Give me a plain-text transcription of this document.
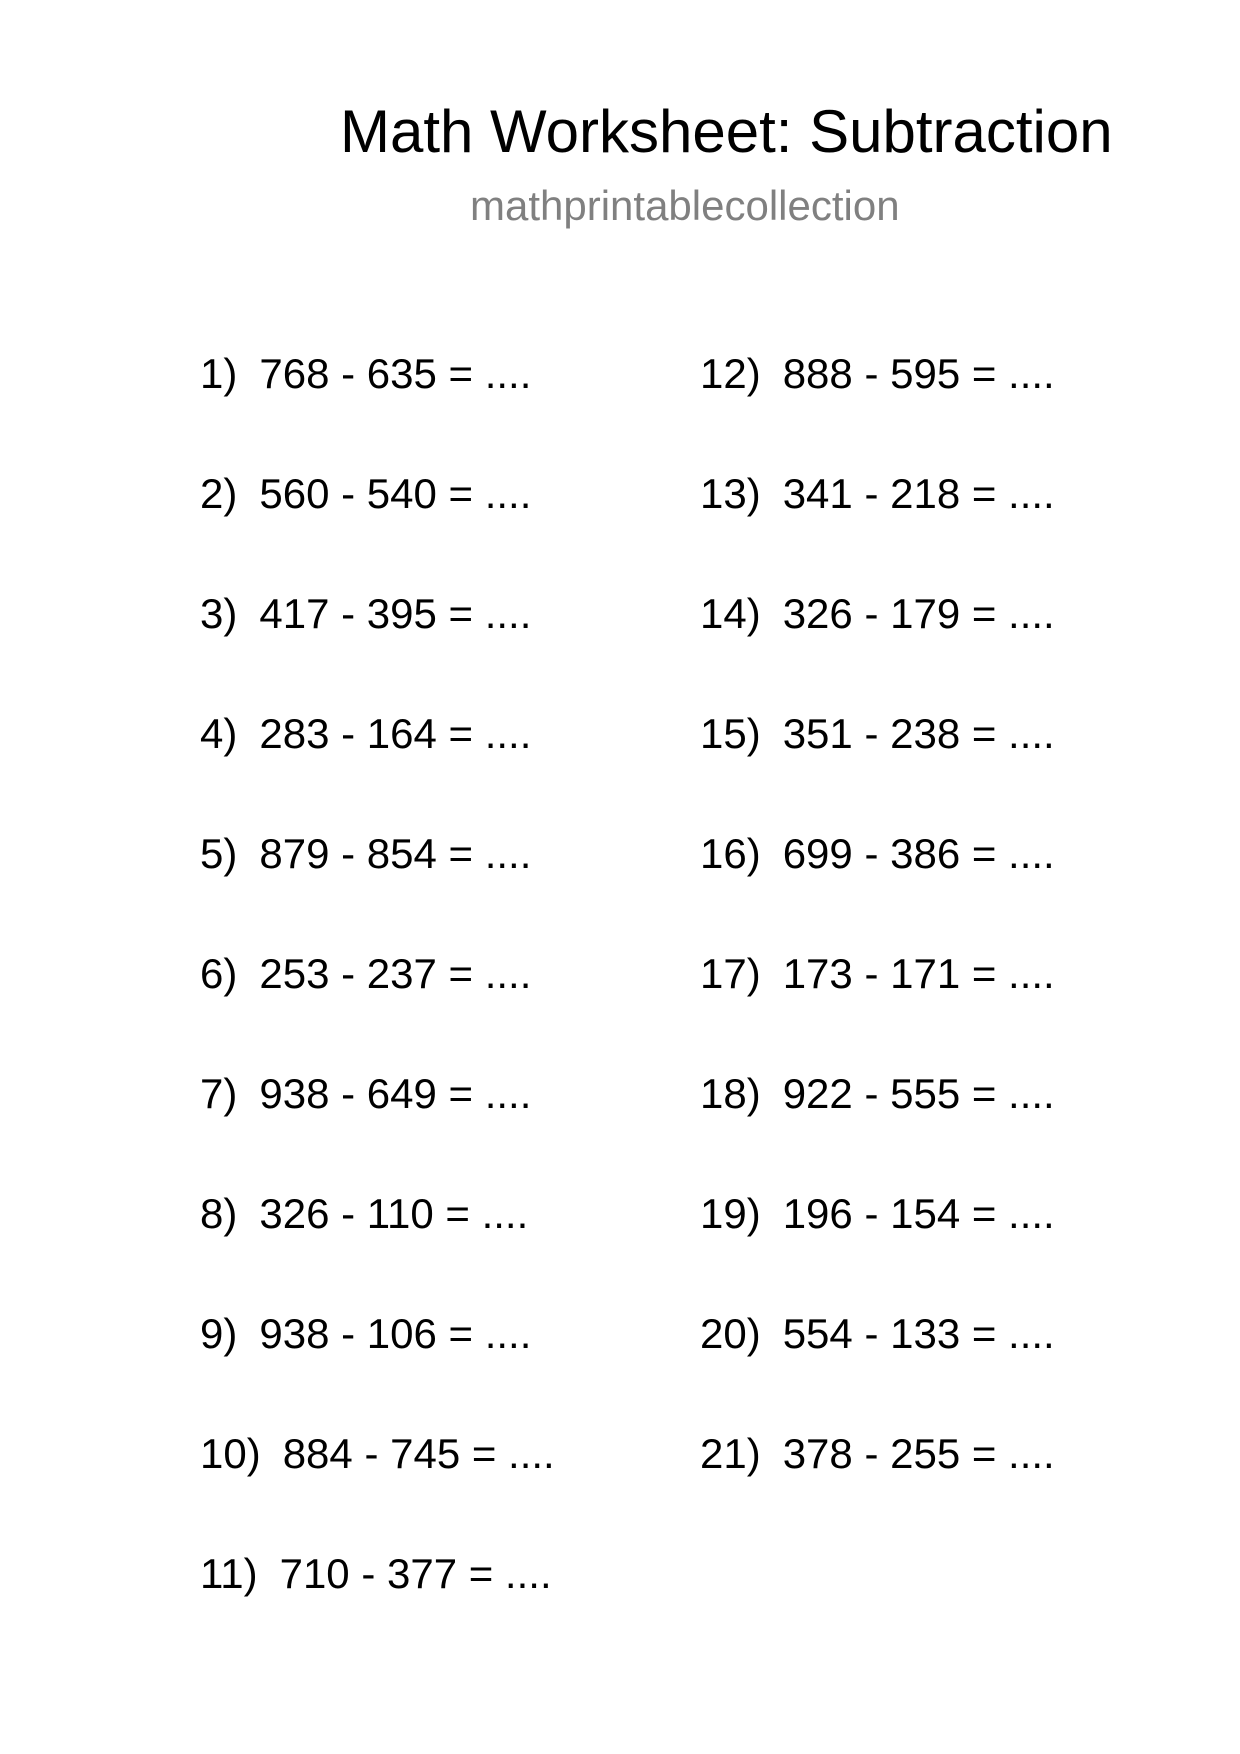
Math Worksheet: Subtraction
mathprintablecollection
1) 768 - 635 = ....
2) 560 - 540 = ....
3) 417 - 395 = ....
4) 283 - 164 = ....
5) 879 - 854 = ....
6) 253 - 237 = ....
7) 938 - 649 = ....
8) 326 - 110 = ....
9) 938 - 106 = ....
10) 884 - 745 = ....
11) 710 - 377 = ....
12) 888 - 595 = ....
13) 341 - 218 = ....
14) 326 - 179 = ....
15) 351 - 238 = ....
16) 699 - 386 = ....
17) 173 - 171 = ....
18) 922 - 555 = ....
19) 196 - 154 = ....
20) 554 - 133 = ....
21) 378 - 255 = ....
